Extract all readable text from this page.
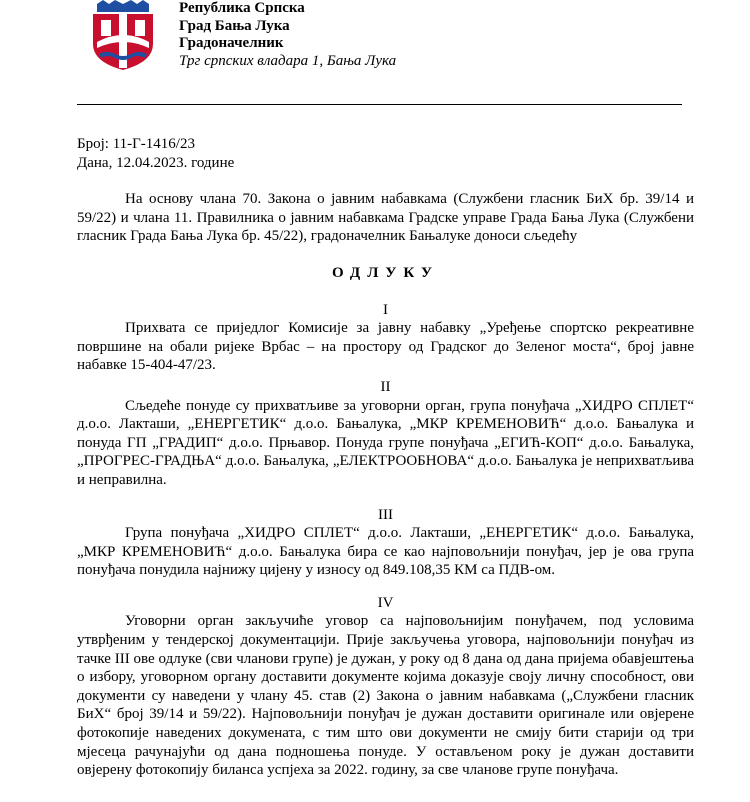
Република Српска
Град Бања Лука
Градоначелник
Трг српских владара 1, Бања Лука

Број: 11-Г-1416/23

Дана, 12.04.2023. године

На основу члана 70. Закона о јавним набавкама (Службени гласник БиХ бр. 39/14 и 59/22) и члана 11. Правилника о јавним набавкама Градске управе Града Бања Лука (Службени гласник Града Бања Лука бр. 45/22), градоначелник Бањалуке доноси сљедећу

ОДЛУКУ

I

Прихвата се приједлог Комисије за јавну набавку „Уређење спортско рекреативне површине на обали ријеке Врбас – на простору од Градског до Зеленог моста“, број јавне набавке 15-404-47/23.

II

Сљедеће понуде су прихватљиве за уговорни орган, група понуђача „ХИДРО СПЛЕТ“ д.о.о. Лакташи, „ЕНЕРГЕТИК“ д.о.о. Бањалука, „МКР КРЕМЕНОВИЋ“ д.о.о. Бањалука и понуда ГП „ГРАДИП“ д.о.о. Прњавор. Понуда групе понуђача „ЕГИЋ-КОП“ д.о.о. Бањалука, „ПРОГРЕС-ГРАДЊА“ д.о.о. Бањалука, „ЕЛЕКТРООБНОВА“ д.о.о. Бањалука је неприхватљива и неправилна.

III

Група понуђача „ХИДРО СПЛЕТ“ д.о.о. Лакташи, „ЕНЕРГЕТИК“ д.о.о. Бањалука, „МКР КРЕМЕНОВИЋ“ д.о.о. Бањалука бира се као најповољнији понуђач, јер је ова група понуђача понудила најнижу цијену у износу од 849.108,35 КМ са ПДВ-ом.

IV

Уговорни орган закључиће уговор са најповољнијим понуђачем, под условима утврђеним у тендерској документацији. Прије закључења уговора, најповољнији понуђач из тачке III ове одлуке (сви чланови групе) је дужан, у року од 8 дана од дана пријема обавјештења о избору, уговорном органу доставити документе којима доказује своју личну способност, ови документи су наведени у члану 45. став (2) Закона о јавним набавкама („Службени гласник БиХ“ број 39/14 и 59/22). Најповољнији понуђач је дужан доставити оригинале или овјерене фотокопије наведених докумената, с тим што ови документи не смију бити старији од три мјесеца рачунајући од дана подношења понуде. У остављеном року је дужан доставити овјерену фотокопију биланса успјеха за 2022. годину, за све чланове групе понуђача.
